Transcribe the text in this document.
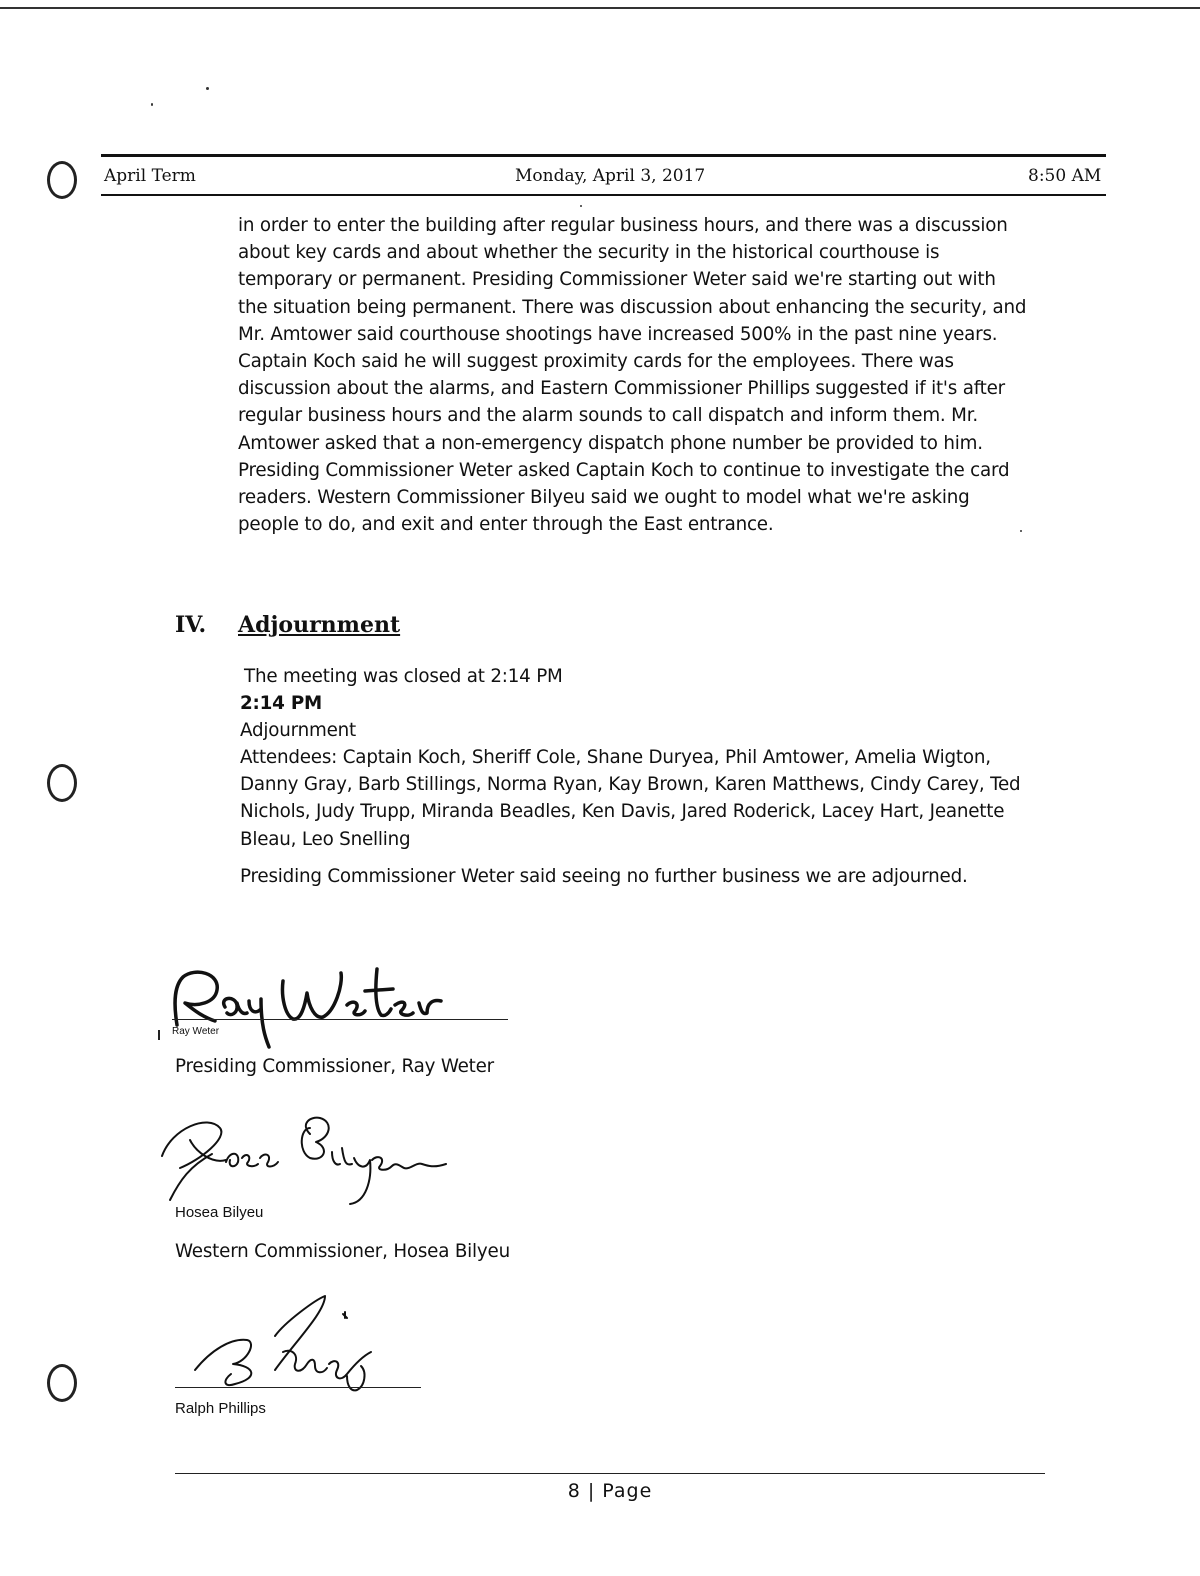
April Term	Monday, April 3, 2017	8:50 AM
in order to enter the building after regular business hours, and there was a discussion
about key cards and about whether the security in the historical courthouse is
temporary or permanent. Presiding Commissioner Weter said we're starting out with
the situation being permanent. There was discussion about enhancing the security, and
Mr. Amtower said courthouse shootings have increased 500% in the past nine years.
Captain Koch said he will suggest proximity cards for the employees. There was
discussion about the alarms, and Eastern Commissioner Phillips suggested if it's after
regular business hours and the alarm sounds to call dispatch and inform them. Mr.
Amtower asked that a non-emergency dispatch phone number be provided to him.
Presiding Commissioner Weter asked Captain Koch to continue to investigate the card
readers. Western Commissioner Bilyeu said we ought to model what we're asking
people to do, and exit and enter through the East entrance.
IV. Adjournment
The meeting was closed at 2:14 PM
2:14 PM
Adjournment
Attendees: Captain Koch, Sheriff Cole, Shane Duryea, Phil Amtower, Amelia Wigton,
Danny Gray, Barb Stillings, Norma Ryan, Kay Brown, Karen Matthews, Cindy Carey, Ted
Nichols, Judy Trupp, Miranda Beadles, Ken Davis, Jared Roderick, Lacey Hart, Jeanette
Bleau, Leo Snelling
Presiding Commissioner Weter said seeing no further business we are adjourned.
Ray Weter
Presiding Commissioner, Ray Weter
Hosea Bilyeu
Western Commissioner, Hosea Bilyeu
Ralph Phillips
8 | Page
